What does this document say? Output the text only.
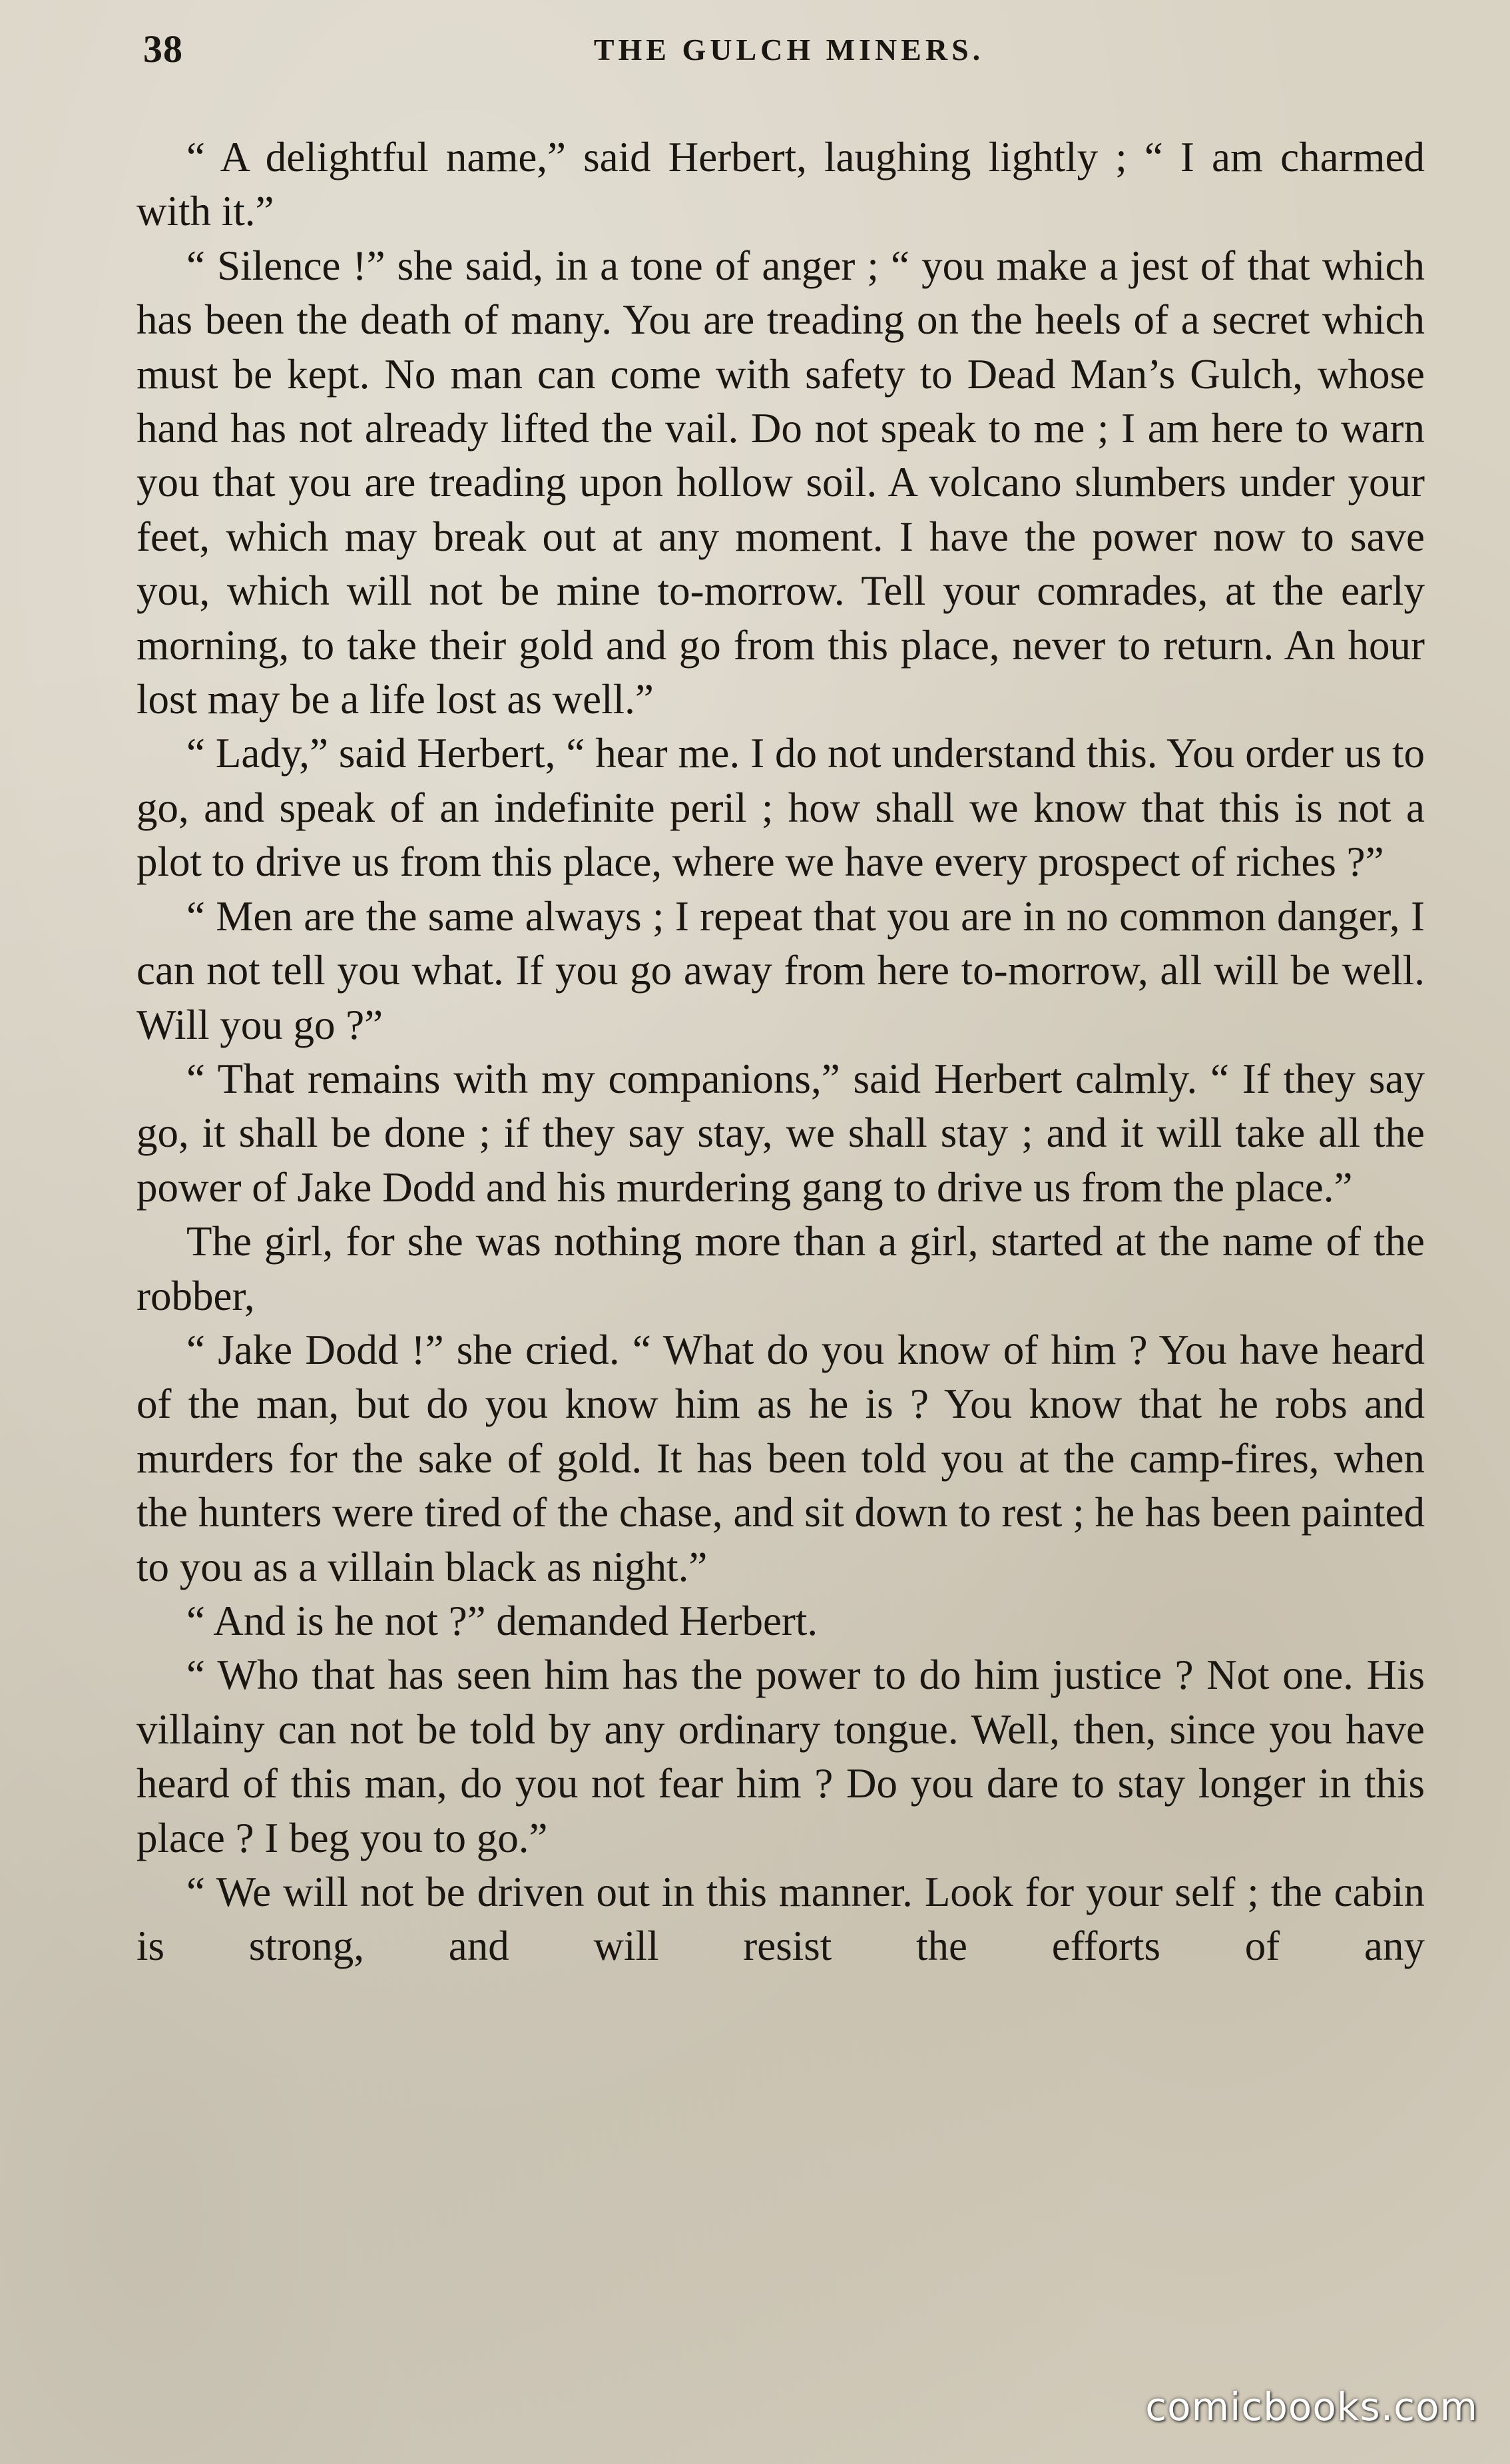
38	THE GULCH MINERS.

“ A delightful name,” said Herbert, laughing lightly ; “ I am charmed with it.”

“ Silence !” she said, in a tone of anger ; “ you make a jest of that which has been the death of many. You are treading on the heels of a secret which must be kept. No man can come with safety to Dead Man’s Gulch, whose hand has not already lifted the vail. Do not speak to me ; I am here to warn you that you are treading upon hollow soil. A volcano slumbers under your feet, which may break out at any moment. I have the power now to save you, which will not be mine to-morrow. Tell your comrades, at the early morning, to take their gold and go from this place, never to return. An hour lost may be a life lost as well.”

“ Lady,” said Herbert, “ hear me. I do not understand this. You order us to go, and speak of an indefinite peril ; how shall we know that this is not a plot to drive us from this place, where we have every prospect of riches ?”

“ Men are the same always ; I repeat that you are in no common danger, I can not tell you what. If you go away from here to-morrow, all will be well. Will you go ?”

“ That remains with my companions,” said Herbert calmly. “ If they say go, it shall be done ; if they say stay, we shall stay ; and it will take all the power of Jake Dodd and his murdering gang to drive us from the place.”

The girl, for she was nothing more than a girl, started at the name of the robber,

“ Jake Dodd !” she cried. “ What do you know of him ? You have heard of the man, but do you know him as he is ? You know that he robs and murders for the sake of gold. It has been told you at the camp-fires, when the hunters were tired of the chase, and sit down to rest ; he has been painted to you as a villain black as night.”

“ And is he not ?” demanded Herbert.

“ Who that has seen him has the power to do him justice ? Not one. His villainy can not be told by any ordinary tongue. Well, then, since you have heard of this man, do you not fear him ? Do you dare to stay longer in this place ? I beg you to go.”

“ We will not be driven out in this manner. Look for your self ; the cabin is strong, and will resist the efforts of any

comicbooks.com
